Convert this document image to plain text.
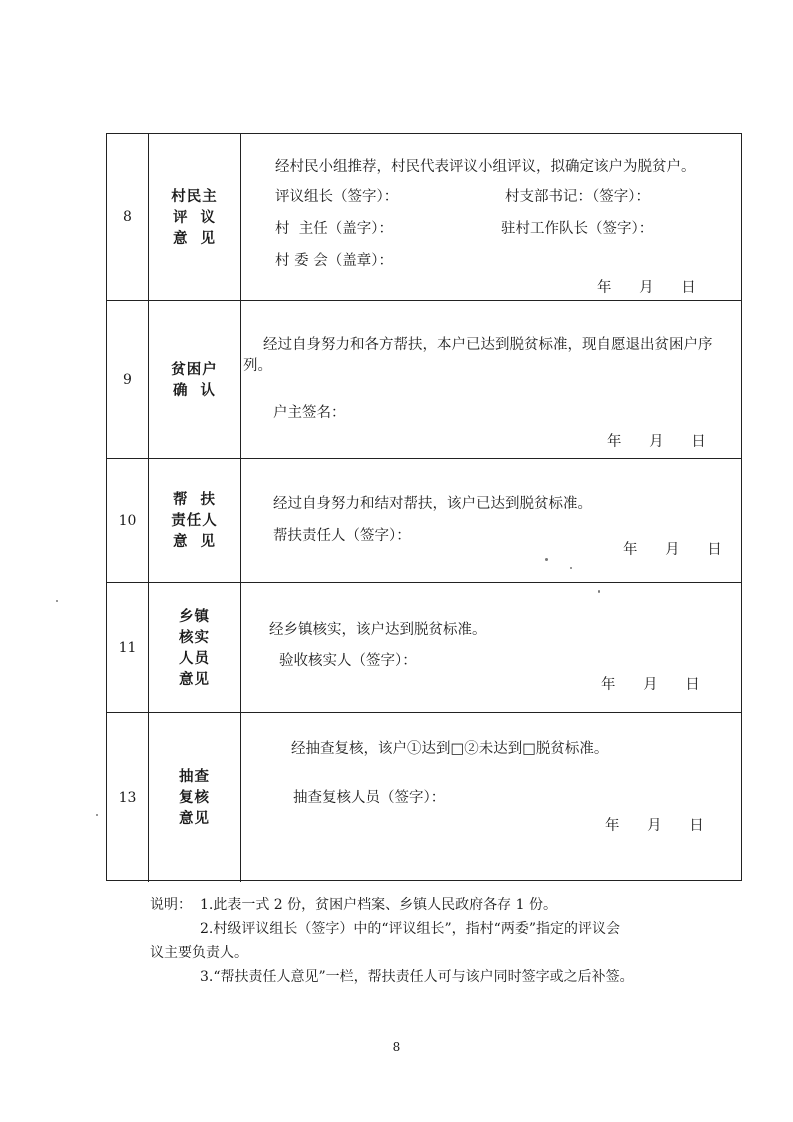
8
村民主
评  议
意  见
经村民小组推荐，村民代表评议小组评议，拟确定该户为脱贫户。
评议组长（签字）：	村支部书记：（签字）：
村  主任（盖字）：	驻村工作队长（签字）：
村 委 会（盖章）：
年      月      日
9
贫困户
确  认
经过自身努力和各方帮扶，本户已达到脱贫标准，现自愿退出贫困户序
列。
户主签名：
年      月      日
10
帮  扶
责任人
意  见
经过自身努力和结对帮扶，该户已达到脱贫标准。
帮扶责任人（签字）：
年      月      日
11
乡镇
核实
人员
意见
经乡镇核实，该户达到脱贫标准。
验收核实人（签字）：
年      月      日
13
抽查
复核
意见
经抽查复核，该户①达到□②未达到□脱贫标准。
抽查复核人员（签字）：
年      月      日
说明： 1.此表一式 2 份，贫困户档案、乡镇人民政府各存 1 份。
2.村级评议组长（签字）中的“评议组长”，指村“两委”指定的评议会
议主要负责人。
3.“帮扶责任人意见”一栏，帮扶责任人可与该户同时签字或之后补签。
8
